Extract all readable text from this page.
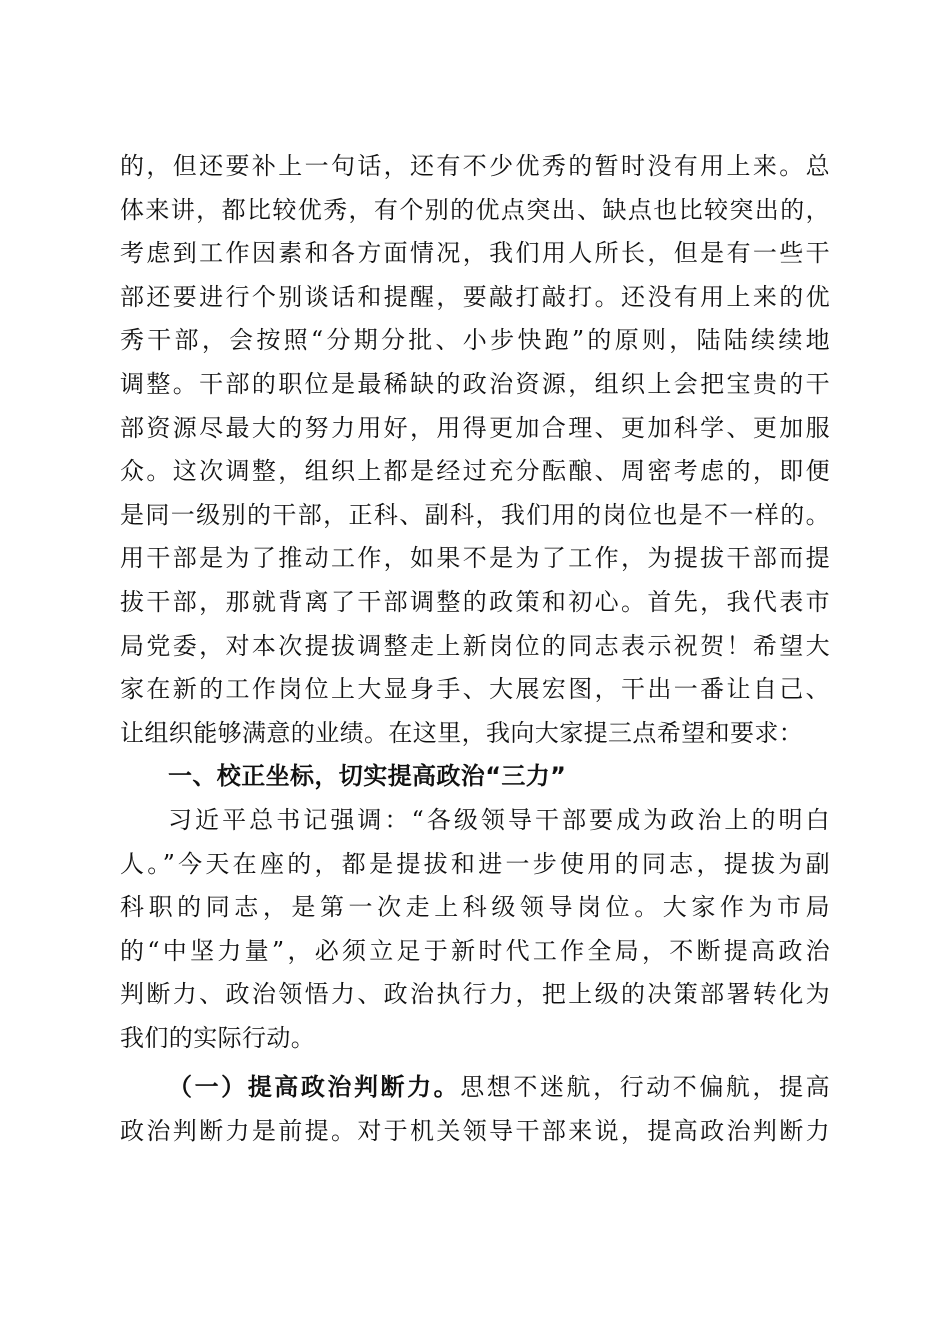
的，但还要补上一句话，还有不少优秀的暂时没有用上来。总
体来讲，都比较优秀，有个别的优点突出、缺点也比较突出的，
考虑到工作因素和各方面情况，我们用人所长，但是有一些干
部还要进行个别谈话和提醒，要敲打敲打。还没有用上来的优
秀干部，会按照“分期分批、小步快跑”的原则，陆陆续续地
调整。干部的职位是最稀缺的政治资源，组织上会把宝贵的干
部资源尽最大的努力用好，用得更加合理、更加科学、更加服
众。这次调整，组织上都是经过充分酝酿、周密考虑的，即便
是同一级别的干部，正科、副科，我们用的岗位也是不一样的。
用干部是为了推动工作，如果不是为了工作，为提拔干部而提
拔干部，那就背离了干部调整的政策和初心。首先，我代表市
局党委，对本次提拔调整走上新岗位的同志表示祝贺！希望大
家在新的工作岗位上大显身手、大展宏图，干出一番让自己、
让组织能够满意的业绩。在这里，我向大家提三点希望和要求：
一、校正坐标，切实提高政治“三力”
习近平总书记强调：“各级领导干部要成为政治上的明白
人。”今天在座的，都是提拔和进一步使用的同志，提拔为副
科职的同志，是第一次走上科级领导岗位。大家作为市局
的“中坚力量”，必须立足于新时代工作全局，不断提高政治
判断力、政治领悟力、政治执行力，把上级的决策部署转化为
我们的实际行动。
（一）提高政治判断力。思想不迷航，行动不偏航，提高
政治判断力是前提。对于机关领导干部来说，提高政治判断力
